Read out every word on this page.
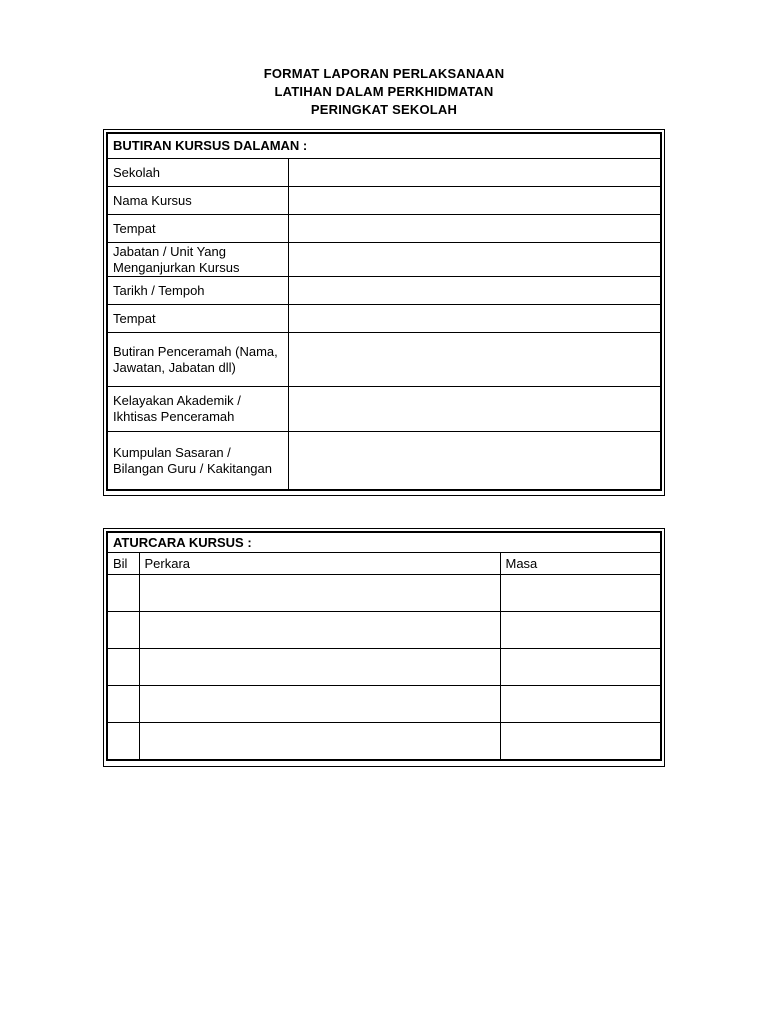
FORMAT LAPORAN PERLAKSANAAN
LATIHAN DALAM PERKHIDMATAN
PERINGKAT SEKOLAH
BUTIRAN KURSUS DALAMAN :	
Sekolah	
Nama Kursus	
Tempat	
Jabatan / Unit Yang Menganjurkan Kursus	
Tarikh / Tempoh	
Tempat	
Butiran Penceramah (Nama, Jawatan, Jabatan dll)	
Kelayakan Akademik / Ikhtisas Penceramah	
Kumpulan Sasaran / Bilangan Guru / Kakitangan	
ATURCARA KURSUS :		
Bil	Perkara	Masa
